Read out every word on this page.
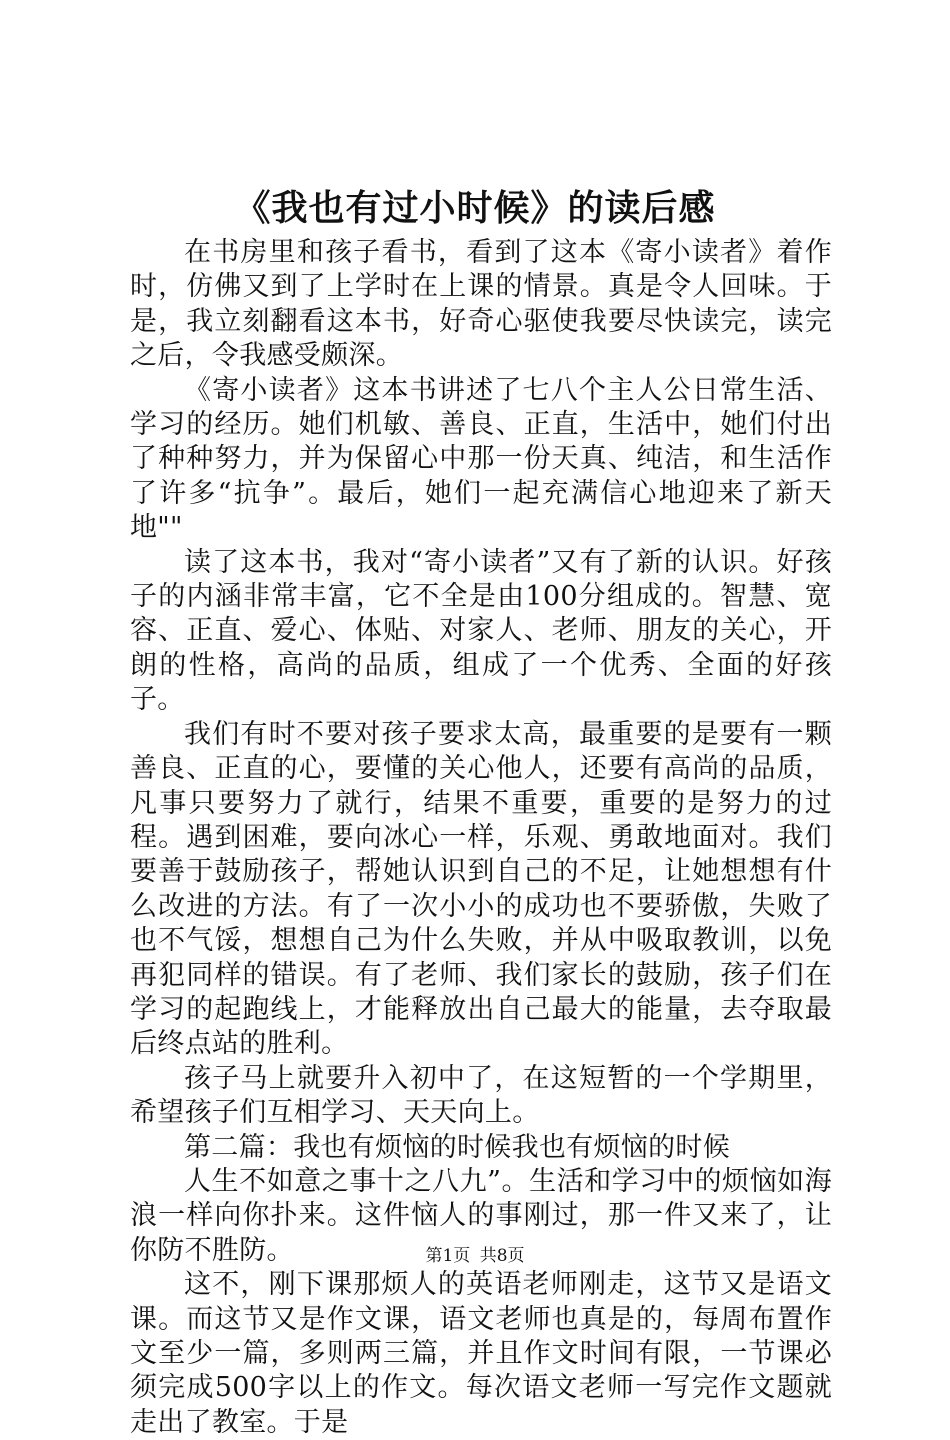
《我也有过小时候》的读后感

在书房里和孩子看书，看到了这本《寄小读者》着作时，仿佛又到了上学时在上课的情景。真是令人回味。于是，我立刻翻看这本书，好奇心驱使我要尽快读完，读完之后，令我感受颇深。

《寄小读者》这本书讲述了七八个主人公日常生活、学习的经历。她们机敏、善良、正直，生活中，她们付出了种种努力，并为保留心中那一份天真、纯洁，和生活作了许多“抗争”。最后，她们一起充满信心地迎来了新天地""

读了这本书，我对“寄小读者”又有了新的认识。好孩子的内涵非常丰富，它不全是由100分组成的。智慧、宽容、正直、爱心、体贴、对家人、老师、朋友的关心，开朗的性格，高尚的品质，组成了一个优秀、全面的好孩子。

我们有时不要对孩子要求太高，最重要的是要有一颗善良、正直的心，要懂的关心他人，还要有高尚的品质，凡事只要努力了就行，结果不重要，重要的是努力的过程。遇到困难，要向冰心一样，乐观、勇敢地面对。我们要善于鼓励孩子，帮她认识到自己的不足，让她想想有什么改进的方法。有了一次小小的成功也不要骄傲，失败了也不气馁，想想自己为什么失败，并从中吸取教训，以免再犯同样的错误。有了老师、我们家长的鼓励，孩子们在学习的起跑线上，才能释放出自己最大的能量，去夺取最后终点站的胜利。

孩子马上就要升入初中了，在这短暂的一个学期里，希望孩子们互相学习、天天向上。

第二篇：我也有烦恼的时候我也有烦恼的时候

人生不如意之事十之八九”。生活和学习中的烦恼如海浪一样向你扑来。这件恼人的事刚过，那一件又来了，让你防不胜防。

这不，刚下课那烦人的英语老师刚走，这节又是语文课。而这节又是作文课，语文老师也真是的，每周布置作文至少一篇，多则两三篇，并且作文时间有限，一节课必须完成500字以上的作文。每次语文老师一写完作文题就走出了教室。于是

第1页 共8页
